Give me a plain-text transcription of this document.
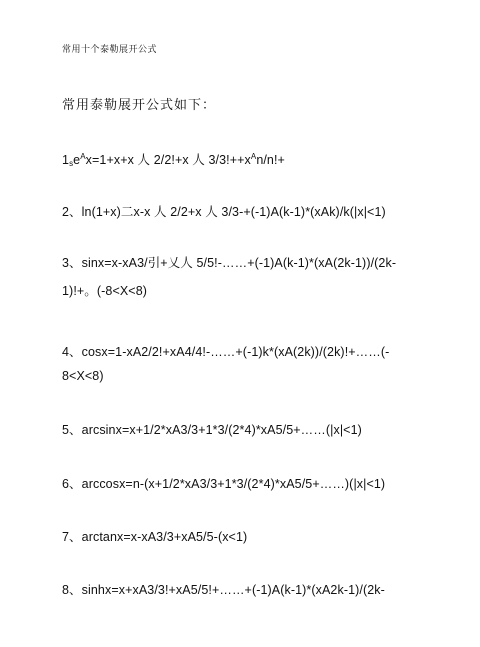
常用十个泰勒展开公式
常用泰勒展开公式如下：
$1_se^Ax=1+x+x$ 人 2/2!+x 人 $3/3!++x^An/n!+$
2、ln(1+x)⼆x-x 人 2/2+x 人 3/3-+(-1)A(k-1)*(xAk)/k(|x|<1)
3、sinx=x-xA3/引+乂人 5/5!-……+(-1)A(k-1)*(xA(2k-1))/(2k-
1)!+。(-8<X<8)
4、cosx=1-xA2/2!+xA4/4!-……+(-1)k*(xA(2k))/(2k)!+……(-
8<X<8)
5、arcsinx=x+1/2*xA3/3+1*3/(2*4)*xA5/5+……(|x|<1)
6、arccosx=n-(x+1/2*xA3/3+1*3/(2*4)*xA5/5+……)(|x|<1)
7、arctanx=x-xA3/3+xA5/5-(x<1)
8、sinhx=x+xA3/3!+xA5/5!+……+(-1)A(k-1)*(xA2k-1)/(2k-
